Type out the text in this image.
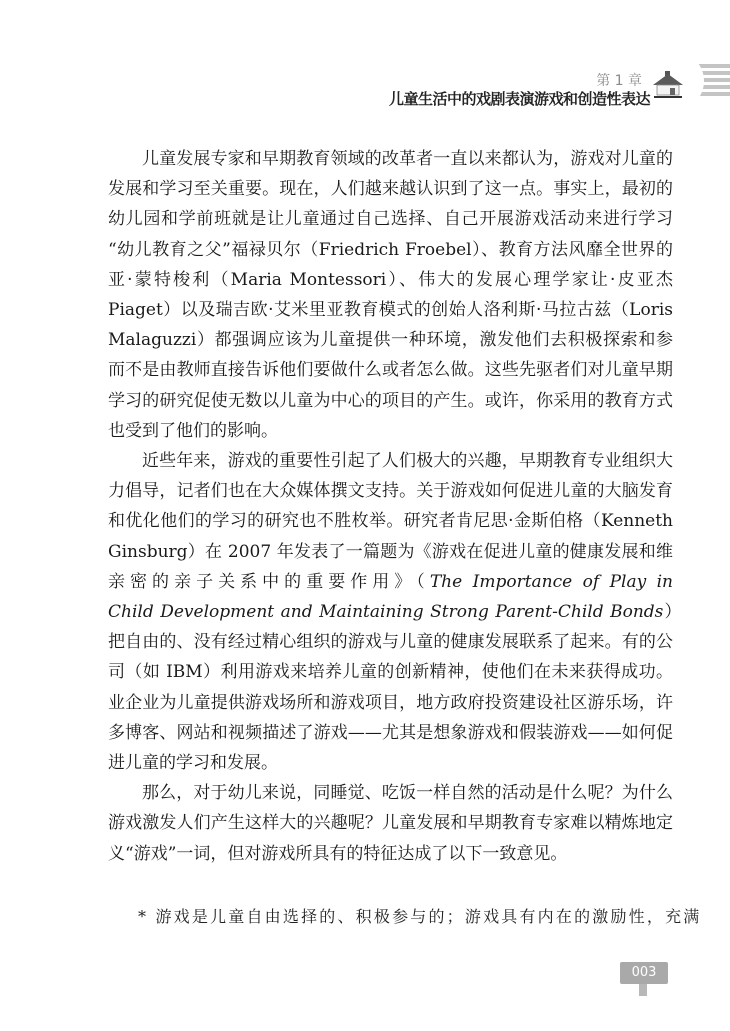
第 1 章
儿童生活中的戏剧表演游戏和创造性表达
儿童发展专家和早期教育领域的改革者一直以来都认为，游戏对儿童的
发展和学习至关重要。现在，人们越来越认识到了这一点。事实上，最初的
幼儿园和学前班就是让儿童通过自己选择、自己开展游戏活动来进行学习
“幼儿教育之父”福禄贝尔（Friedrich Froebel）、教育方法风靡全世界的
亚·蒙特梭利（Maria Montessori）、伟大的发展心理学家让·皮亚杰
Piaget）以及瑞吉欧·艾米里亚教育模式的创始人洛利斯·马拉古兹（Loris
Malaguzzi）都强调应该为儿童提供一种环境，激发他们去积极探索和参
而不是由教师直接告诉他们要做什么或者怎么做。这些先驱者们对儿童早期
学习的研究促使无数以儿童为中心的项目的产生。或许，你采用的教育方式
也受到了他们的影响。
近些年来，游戏的重要性引起了人们极大的兴趣，早期教育专业组织大
力倡导，记者们也在大众媒体撰文支持。关于游戏如何促进儿童的大脑发育
和优化他们的学习的研究也不胜枚举。研究者肯尼思·金斯伯格（Kenneth
Ginsburg）在 2007 年发表了一篇题为《游戏在促进儿童的健康发展和维
亲密的亲子关系中的重要作用》（The Importance of Play in
Child Development and Maintaining Strong Parent-Child Bonds）
把自由的、没有经过精心组织的游戏与儿童的健康发展联系了起来。有的公
司（如 IBM）利用游戏来培养儿童的创新精神，使他们在未来获得成功。
业企业为儿童提供游戏场所和游戏项目，地方政府投资建设社区游乐场，许
多博客、网站和视频描述了游戏——尤其是想象游戏和假装游戏——如何促
进儿童的学习和发展。
那么，对于幼儿来说，同睡觉、吃饭一样自然的活动是什么呢？为什么
游戏激发人们产生这样大的兴趣呢？儿童发展和早期教育专家难以精炼地定
义“游戏”一词，但对游戏所具有的特征达成了以下一致意见。
* 游戏是儿童自由选择的、积极参与的；游戏具有内在的激励性，充满
003
